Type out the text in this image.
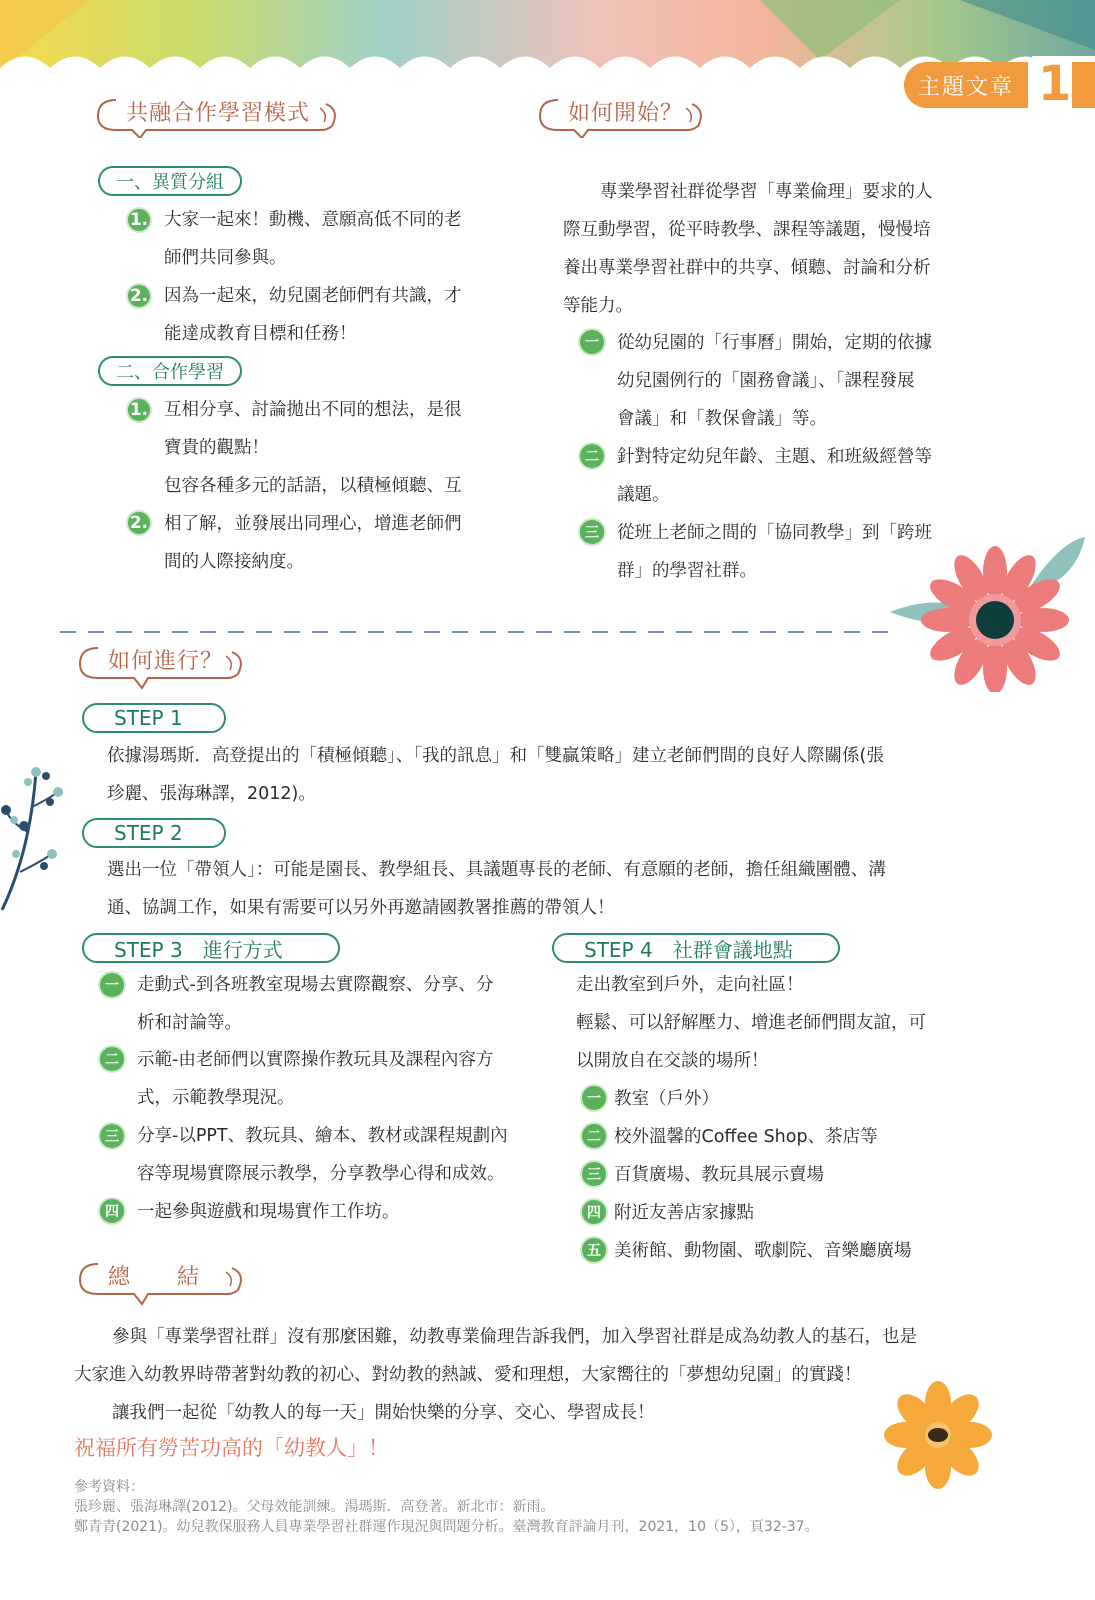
主題文章 1
共融合作學習模式
一、異質分組
1. 大家一起來！動機、意願高低不同的老
師們共同參與。
2. 因為一起來，幼兒園老師們有共識，才
能達成教育目標和任務！
二、合作學習
1. 互相分享、討論拋出不同的想法，是很
寶貴的觀點！
包容各種多元的話語，以積極傾聽、互
2. 相了解，並發展出同理心，增進老師們
間的人際接納度。
如何開始？
專業學習社群從學習「專業倫理」要求的人
際互動學習，從平時教學、課程等議題，慢慢培
養出專業學習社群中的共享、傾聽、討論和分析
等能力。
一	從幼兒園的「行事曆」開始，定期的依據
幼兒園例行的「園務會議」、「課程發展
會議」和「教保會議」等。
二	針對特定幼兒年齡、主題、和班級經營等
議題。
三	從班上老師之間的「協同教學」到「跨班
群」的學習社群。
如何進行？
STEP 1
依據湯瑪斯．高登提出的「積極傾聽」、「我的訊息」和「雙贏策略」建立老師們間的良好人際關係(張
珍麗、張海琳譯，2012)。
STEP 2
選出一位「帶領人」：可能是園長、教學組長、具議題專長的老師、有意願的老師，擔任組織團體、溝
通、協調工作，如果有需要可以另外再邀請國教署推薦的帶領人！
STEP 3　進行方式
一	走動式-到各班教室現場去實際觀察、分享、分
析和討論等。
二	示範-由老師們以實際操作教玩具及課程內容方
式，示範教學現況。
三	分享-以PPT、教玩具、繪本、教材或課程規劃內
容等現場實際展示教學，分享教學心得和成效。
四	一起參與遊戲和現場實作工作坊。
STEP 4　社群會議地點
走出教室到戶外，走向社區！
輕鬆、可以舒解壓力、增進老師們間友誼，可
以開放自在交談的場所！
一 教室（戶外）
二 校外溫馨的Coffee Shop、茶店等
三 百貨廣場、教玩具展示賣場
四 附近友善店家據點
五 美術館、動物園、歌劇院、音樂廳廣場
總　　結
參與「專業學習社群」沒有那麼困難，幼教專業倫理告訴我們，加入學習社群是成為幼教人的基石，也是
大家進入幼教界時帶著對幼教的初心、對幼教的熱誠、愛和理想，大家嚮往的「夢想幼兒園」的實踐！
讓我們一起從「幼教人的每一天」開始快樂的分享、交心、學習成長！
祝福所有勞苦功高的「幼教人」！
參考資料：
張珍麗、張海琳譯(2012)。父母效能訓練。湯瑪斯．高登著。新北市：新雨。
鄭青青(2021)。幼兒教保服務人員專業學習社群運作現況與問題分析。臺灣教育評論月刊，2021，10（5），頁32-37。
